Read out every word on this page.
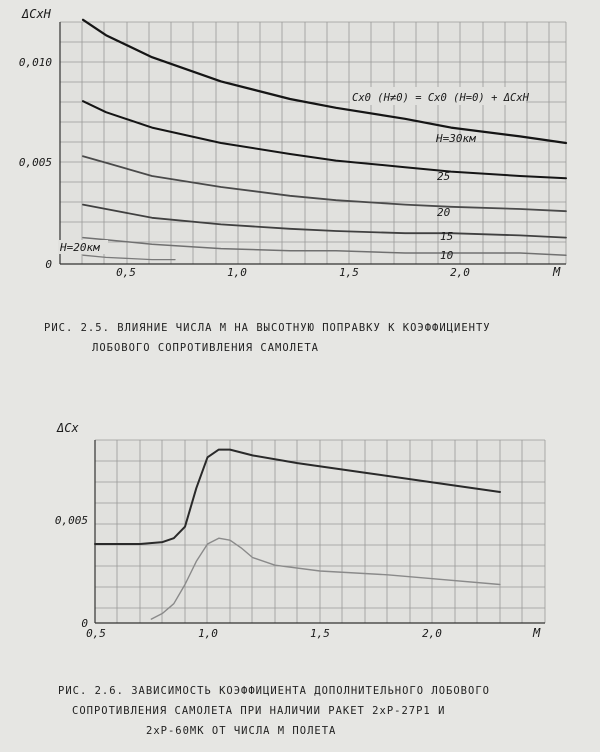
0,5	1,0	1,5	2,0
0
0,005
0,010
ΔCxH
M
H=30км
25
20
15
10
H=20км
Cx0 (H≠0) = Cx0 (H=0) + ΔCxH
0,5	1,0	1,5	2,0
0
0,005
ΔCx
M
РИС. 2.5. ВЛИЯНИЕ ЧИСЛА М НА ВЫСОТНУЮ ПОПРАВКУ К КОЭФФИЦИЕНТУ
ЛОБОВОГО СОПРОТИВЛЕНИЯ САМОЛЕТА
РИС. 2.6. ЗАВИСИМОСТЬ КОЭФФИЦИЕНТА ДОПОЛНИТЕЛЬНОГО ЛОБОВОГО
СОПРОТИВЛЕНИЯ САМОЛЕТА ПРИ НАЛИЧИИ РАКЕТ 2хР-27Р1 И
2хР-60МК ОТ ЧИСЛА М ПОЛЕТА
